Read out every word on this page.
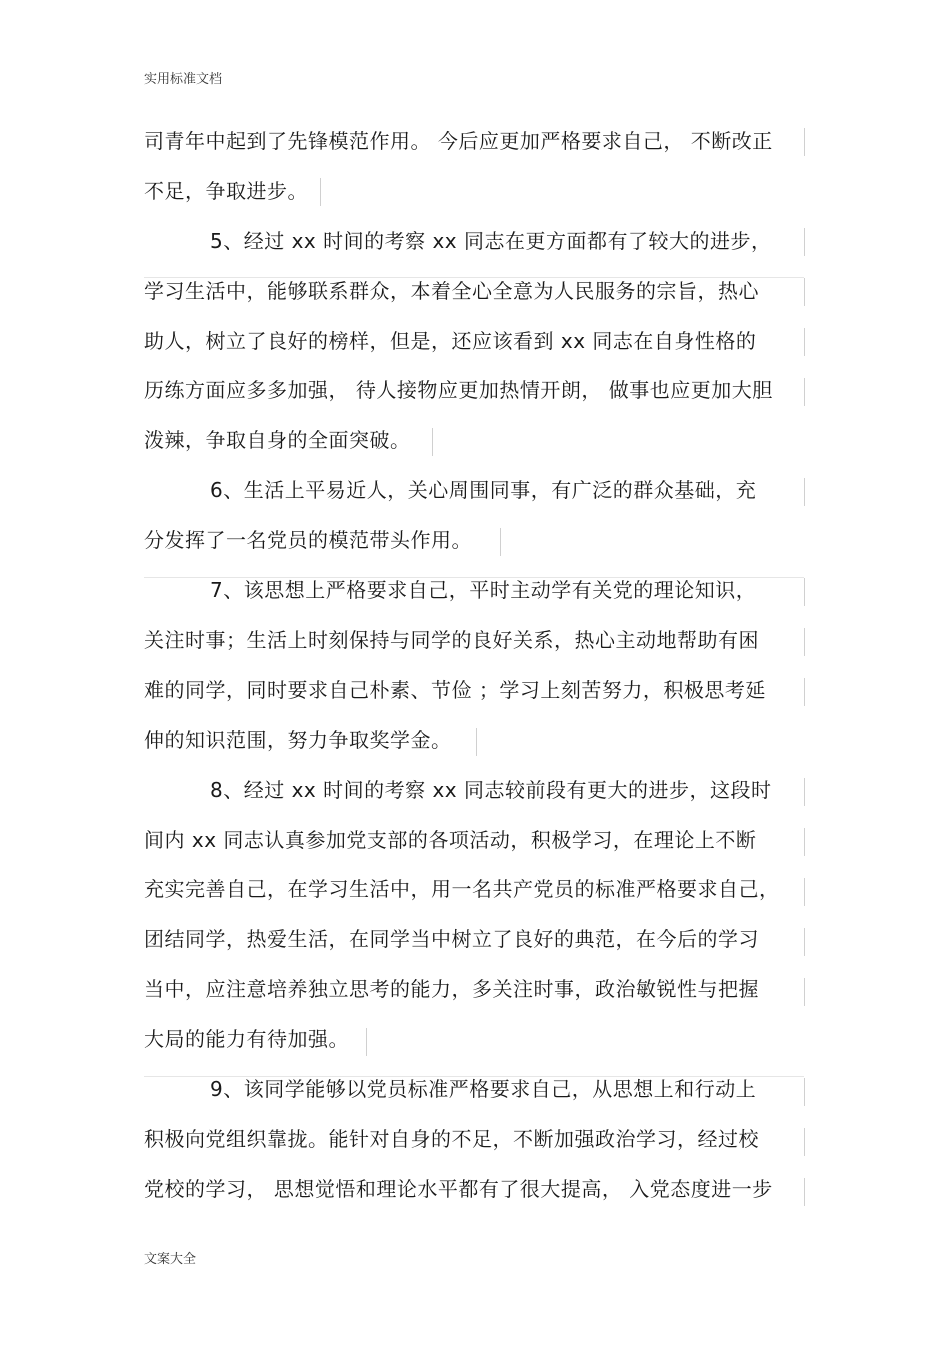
实用标准文档
司青年中起到了先锋模范作用。 今后应更加严格要求自己， 不断改正
不足，争取进步。
5、经过 xx 时间的考察 xx 同志在更方面都有了较大的进步，
学习生活中，能够联系群众，本着全心全意为人民服务的宗旨，热心
助人，树立了良好的榜样，但是，还应该看到 xx 同志在自身性格的
历练方面应多多加强， 待人接物应更加热情开朗， 做事也应更加大胆
泼辣，争取自身的全面突破。
6、生活上平易近人，关心周围同事，有广泛的群众基础，充
分发挥了一名党员的模范带头作用。
7、该思想上严格要求自己，平时主动学有关党的理论知识，
关注时事；生活上时刻保持与同学的良好关系，热心主动地帮助有困
难的同学，同时要求自己朴素、节俭 ；学习上刻苦努力，积极思考延
伸的知识范围，努力争取奖学金。
8、经过 xx 时间的考察 xx 同志较前段有更大的进步，这段时
间内 xx 同志认真参加党支部的各项活动，积极学习，在理论上不断
充实完善自己，在学习生活中，用一名共产党员的标准严格要求自己，
团结同学，热爱生活，在同学当中树立了良好的典范，在今后的学习
当中，应注意培养独立思考的能力，多关注时事，政治敏锐性与把握
大局的能力有待加强。
9、该同学能够以党员标准严格要求自己，从思想上和行动上
积极向党组织靠拢。能针对自身的不足，不断加强政治学习，经过校
党校的学习， 思想觉悟和理论水平都有了很大提高， 入党态度进一步
文案大全
